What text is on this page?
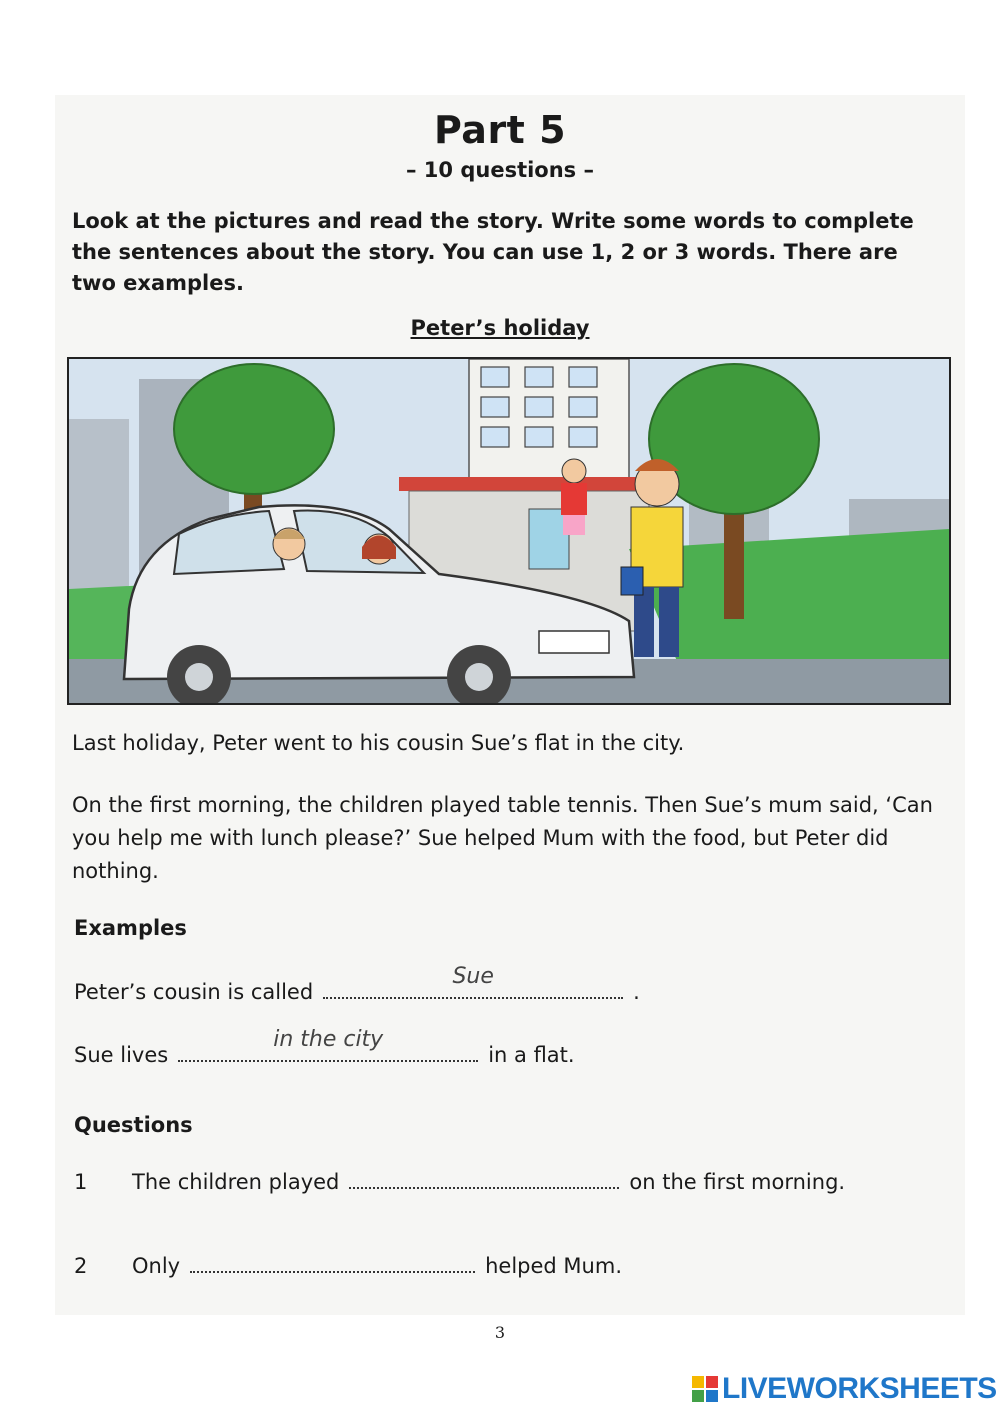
Part 5
– 10 questions –
Look at the pictures and read the story. Write some words to complete the sentences about the story. You can use 1, 2 or 3 words. There are two examples.
Peter’s holiday
Last holiday, Peter went to his cousin Sue’s flat in the city.
On the first morning, the children played table tennis. Then Sue’s mum said, ‘Can you help me with lunch please?’ Sue helped Mum with the food, but Peter did nothing.
Examples
Peter’s cousin is called
Sue
.
Sue lives
in the city
in a flat.
Questions
1 The children played	on the first morning.
2 Only	helped Mum.
3
LIVEWORKSHEETS
